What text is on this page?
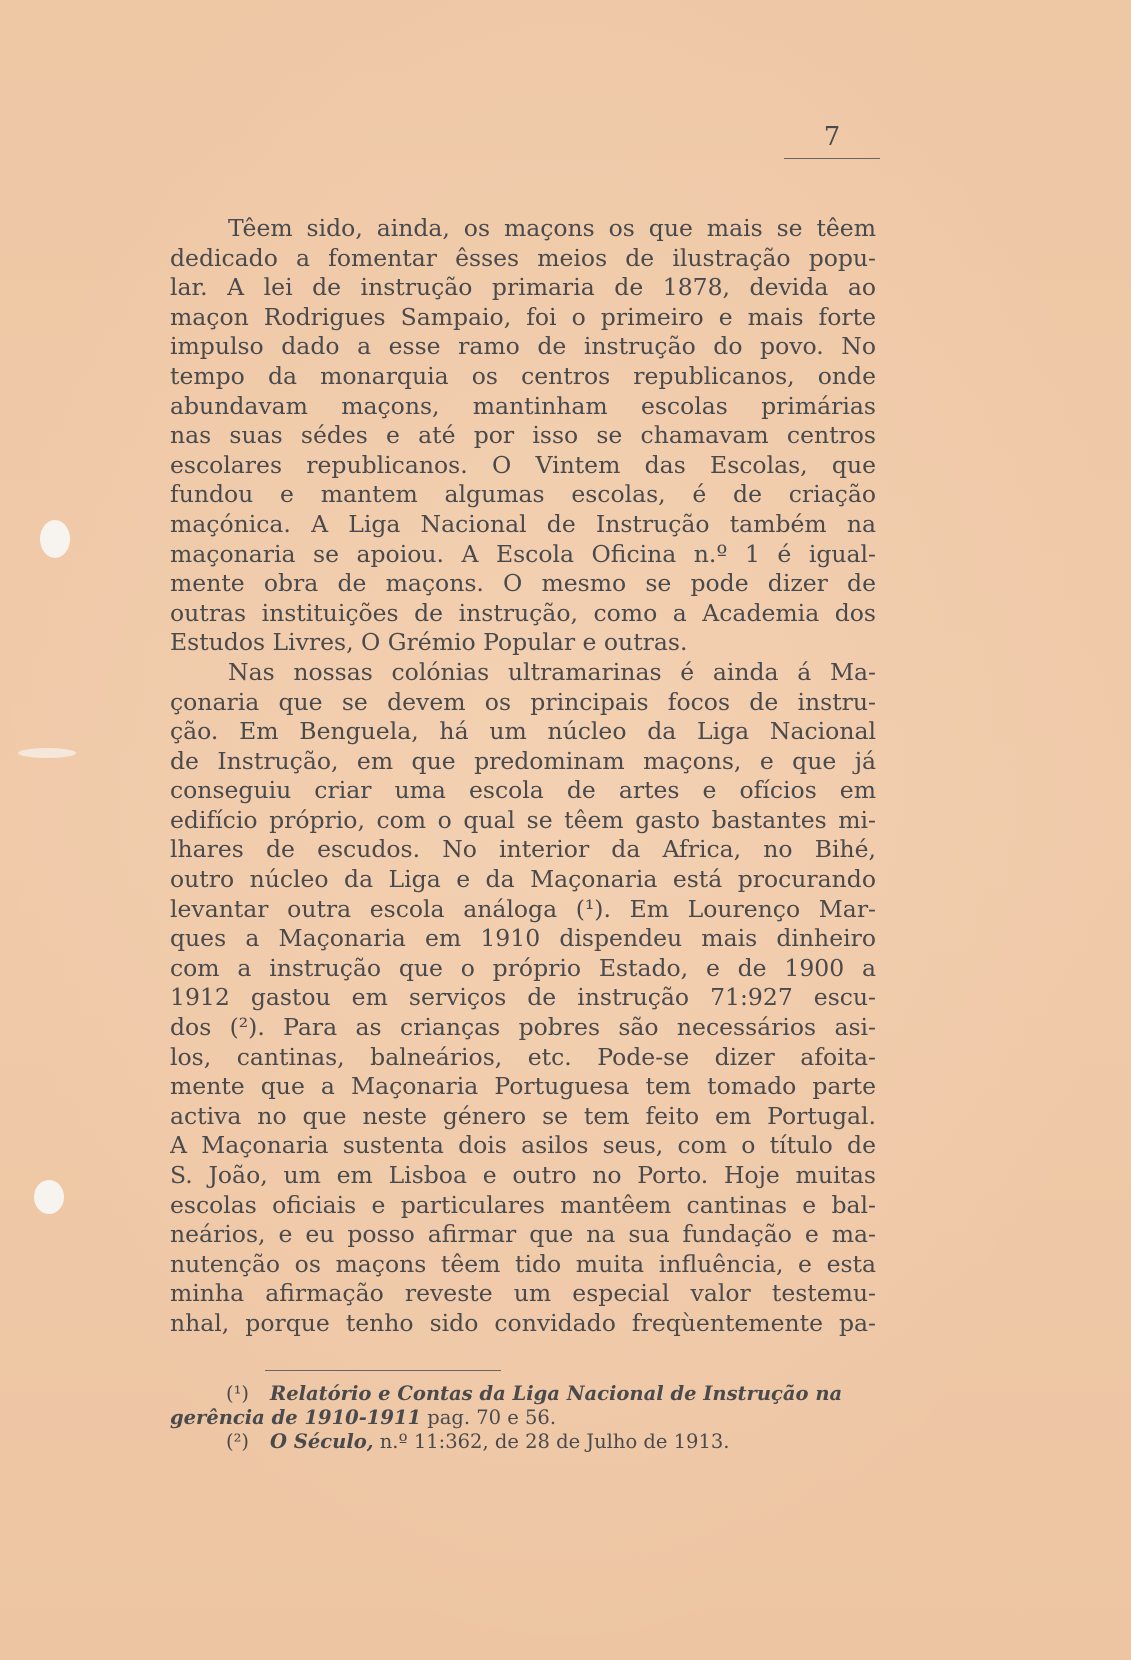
7
Têem sido, ainda, os maçons os que mais se têem
dedicado a fomentar êsses meios de ilustração popu-
lar. A lei de instrução primaria de 1878, devida ao
maçon Rodrigues Sampaio, foi o primeiro e mais forte
impulso dado a esse ramo de instrução do povo. No
tempo da monarquia os centros republicanos, onde
abundavam maçons, mantinham escolas primárias
nas suas sédes e até por isso se chamavam centros
escolares republicanos. O Vintem das Escolas, que
fundou e mantem algumas escolas, é de criação
maçónica. A Liga Nacional de Instrução também na
maçonaria se apoiou. A Escola Oficina n.º 1 é igual-
mente obra de maçons. O mesmo se pode dizer de
outras instituições de instrução, como a Academia dos
Estudos Livres, O Grémio Popular e outras.
Nas nossas colónias ultramarinas é ainda á Ma-
çonaria que se devem os principais focos de instru-
ção. Em Benguela, há um núcleo da Liga Nacional
de Instrução, em que predominam maçons, e que já
conseguiu criar uma escola de artes e ofícios em
edifício próprio, com o qual se têem gasto bastantes mi-
lhares de escudos. No interior da Africa, no Bihé,
outro núcleo da Liga e da Maçonaria está procurando
levantar outra escola análoga (¹). Em Lourenço Mar-
ques a Maçonaria em 1910 dispendeu mais dinheiro
com a instrução que o próprio Estado, e de 1900 a
1912 gastou em serviços de instrução 71:927 escu-
dos (²). Para as crianças pobres são necessários asi-
los, cantinas, balneários, etc. Pode-se dizer afoita-
mente que a Maçonaria Portuguesa tem tomado parte
activa no que neste género se tem feito em Portugal.
A Maçonaria sustenta dois asilos seus, com o título de
S. João, um em Lisboa e outro no Porto. Hoje muitas
escolas oficiais e particulares mantêem cantinas e bal-
neários, e eu posso afirmar que na sua fundação e ma-
nutenção os maçons têem tido muita influência, e esta
minha afirmação reveste um especial valor testemu-
nhal, porque tenho sido convidado freqùentemente pa-
(¹) Relatório e Contas da Liga Nacional de Instrução na
gerência de 1910-1911 pag. 70 e 56.
(²) O Século, n.º 11:362, de 28 de Julho de 1913.
